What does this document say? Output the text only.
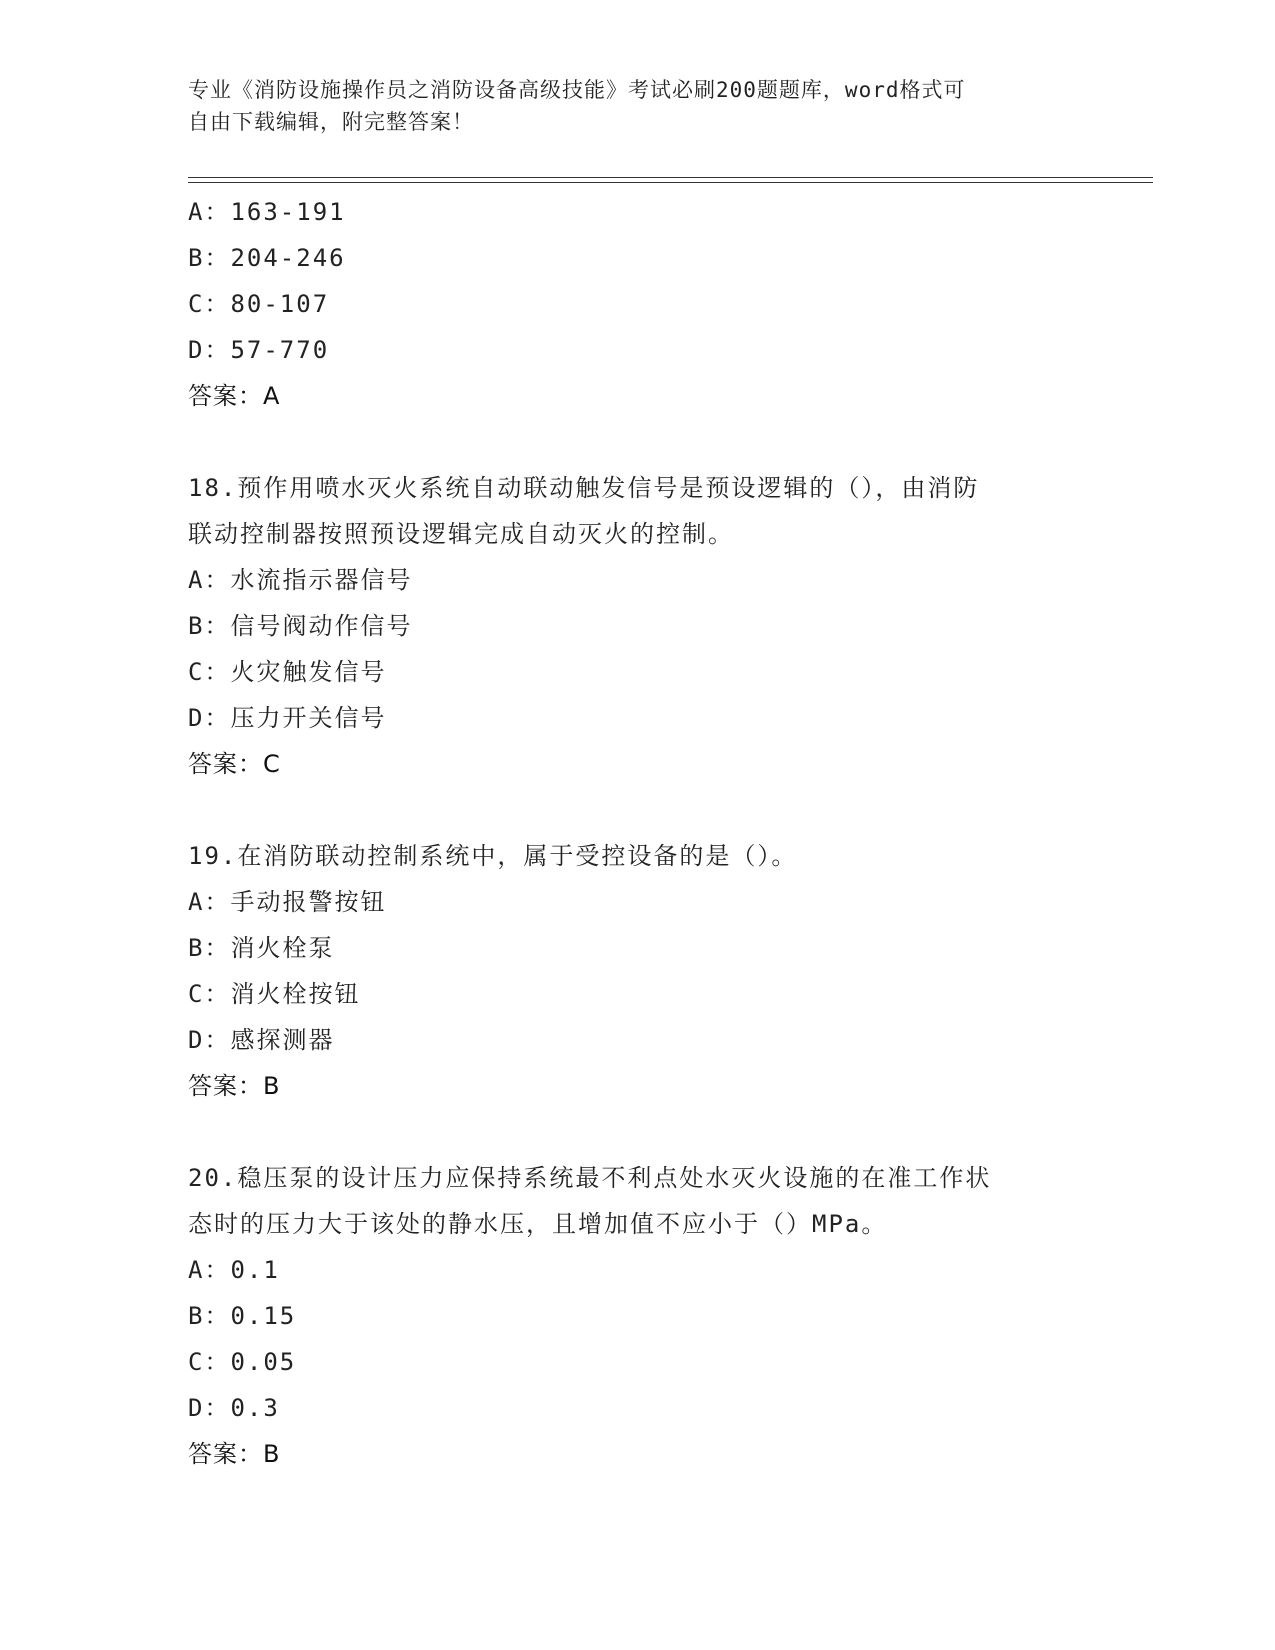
专业《消防设施操作员之消防设备高级技能》考试必刷200题题库，word格式可
自由下载编辑，附完整答案！
A：163-191
B：204-246
C：80-107
D：57-770
答案：A
18.预作用喷水灭火系统自动联动触发信号是预设逻辑的（），由消防
联动控制器按照预设逻辑完成自动灭火的控制。
A：水流指示器信号
B：信号阀动作信号
C：火灾触发信号
D：压力开关信号
答案：C
19.在消防联动控制系统中，属于受控设备的是（）。
A：手动报警按钮
B：消火栓泵
C：消火栓按钮
D：感探测器
答案：B
20.稳压泵的设计压力应保持系统最不利点处水灭火设施的在准工作状
态时的压力大于该处的静水压，且增加值不应小于（）MPa。
A：0.1
B：0.15
C：0.05
D：0.3
答案：B
